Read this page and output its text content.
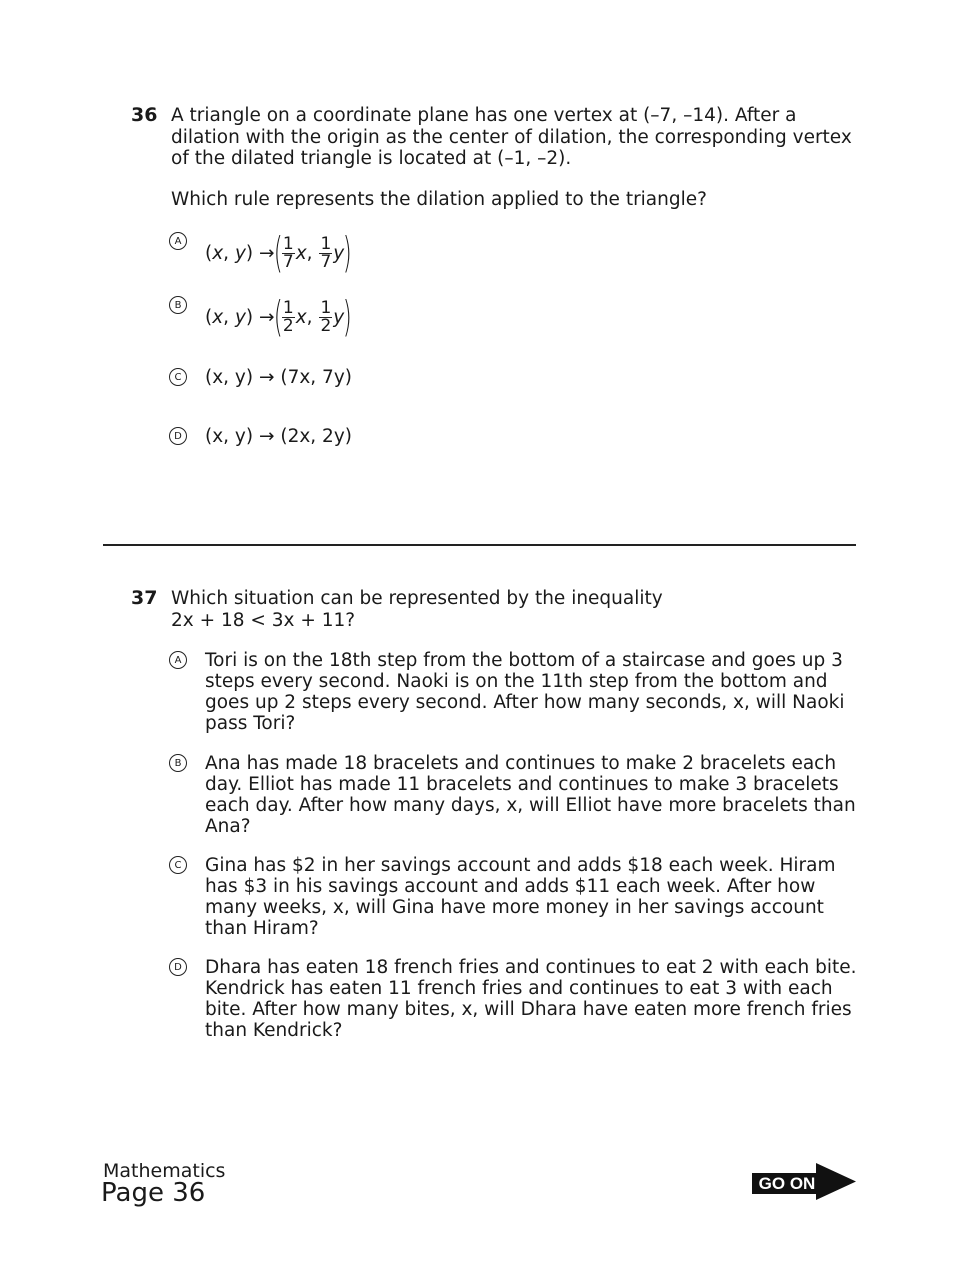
36 A triangle on a coordinate plane has one vertex at (–7, –14). After a dilation with the origin as the center of dilation, the corresponding vertex of the dilated triangle is located at (–1, –2).
Which rule represents the dilation applied to the triangle?
A
(x, y) →
( $\frac{1}{7}$ x , $\frac{1}{7}$ y
)
B
(x, y) →
( $\frac{1}{2}$ x , $\frac{1}{2}$ y
)
C (x, y) → (7x, 7y)
D (x, y) → (2x, 2y)
37 Which situation can be represented by the inequality
2x + 18 < 3x + 11?
A	Tori is on the 18th step from the bottom of a staircase and goes up 3 steps every second. Naoki is on the 11th step from the bottom and goes up 2 steps every second. After how many seconds, x, will Naoki pass Tori?
B	Ana has made 18 bracelets and continues to make 2 bracelets each day. Elliot has made 11 bracelets and continues to make 3 bracelets each day. After how many days, x, will Elliot have more bracelets than Ana?
C Gina has $2 in her savings account and adds $18 each week. Hiram has $3 in his savings account and adds $11 each week. After how many weeks, x, will Gina have more money in her savings account than Hiram?
D Dhara has eaten 18 french fries and continues to eat 2 with each bite. Kendrick has eaten 11 french fries and continues to eat 3 with each bite. After how many bites, x, will Dhara have eaten more french fries than Kendrick?
Mathematics
Page 36	GO ON
